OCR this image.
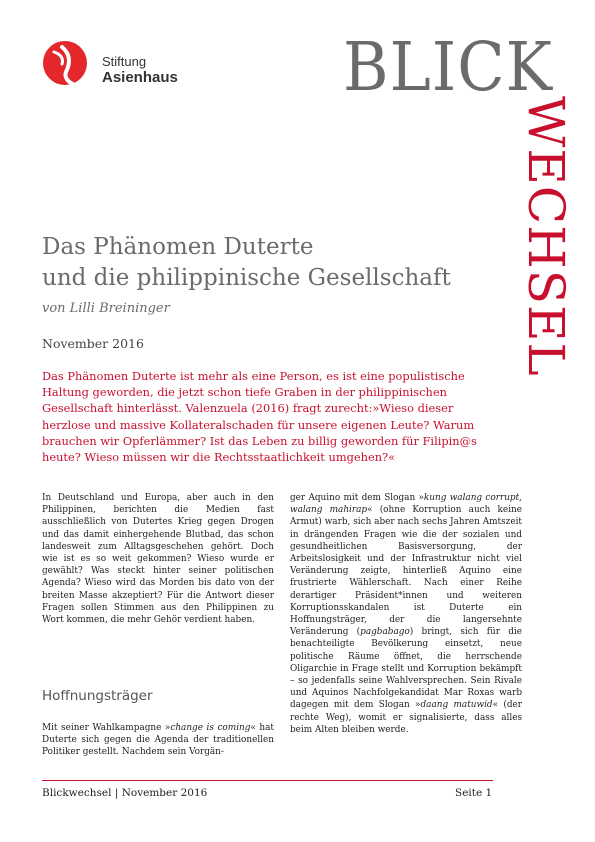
Stiftung
Asienhaus	BLICK
WECHSEL
Das Phänomen Duterte
und die philippinische Gesellschaft
von Lilli Breininger
November 2016
Das Phänomen Duterte ist mehr als eine Person, es ist eine populistische Haltung geworden, die jetzt schon tiefe Graben in der philippinischen Gesellschaft hinterlässt. Valenzuela (2016) fragt zurecht:»Wieso dieser herzlose und massive Kollateralschaden für unsere eigenen Leute? Warum brauchen wir Opferlämmer? Ist das Leben zu billig geworden für Filipin@s heute? Wieso müssen wir die Rechtsstaatlichkeit umgehen?«

In Deutschland und Europa, aber auch in den Philippinen, berichten die Medien fast ausschließlich von Dutertes Krieg gegen Drogen und das damit einhergehende Blutbad, das schon landesweit zum Alltagsgeschehen gehört. Doch wie ist es so weit gekommen? Wieso wurde er gewählt? Was steckt hinter seiner politischen Agenda? Wieso wird das Morden bis dato von der breiten Masse akzeptiert? Für die Antwort dieser Fragen sollen Stimmen aus den Philippinen zu Wort kommen, die mehr Gehör verdient haben.

Hoffnungsträger

Mit seiner Wahlkampagne »change is coming« hat Duterte sich gegen die Agenda der traditionellen Politiker gestellt. Nachdem sein Vorgän-

ger Aquino mit dem Slogan »kung walang corrupt, walang mahirap« (ohne Korruption auch keine Armut) warb, sich aber nach sechs Jahren Amtszeit in drängenden Fragen wie die der sozialen und gesundheitlichen Basisversorgung, der Arbeitslosigkeit und der Infrastruktur nicht viel Veränderung zeigte, hinterließ Aquino eine frustrierte Wählerschaft. Nach einer Reihe derartiger Präsident*innen und weiteren Korruptionsskandalen ist Duterte ein Hoffnungsträger, der die langersehnte Veränderung (pagbabago) bringt, sich für die benachteiligte Bevölkerung einsetzt, neue politische Räume öffnet, die herrschende Oligarchie in Frage stellt und Korruption bekämpft – so jedenfalls seine Wahlversprechen. Sein Rivale und Aquinos Nachfolgekandidat Mar Roxas warb dagegen mit dem Slogan »daang matuwid« (der rechte Weg), womit er signalisierte, dass alles beim Alten bleiben werde.

Blickwechsel | November 2016	Seite 1
